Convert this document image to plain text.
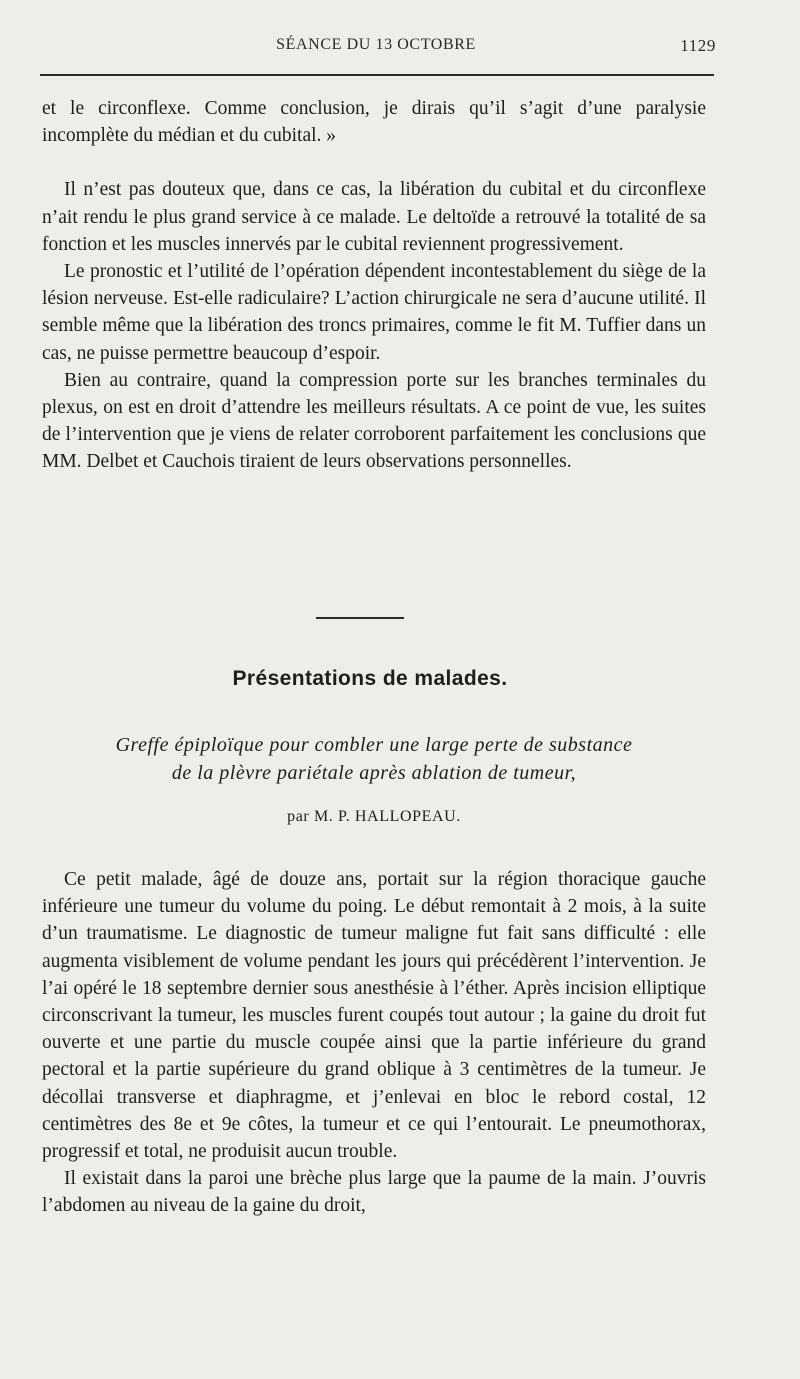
SÉANCE DU 13 OCTOBRE	1129

et le circonflexe. Comme conclusion, je dirais qu’il s’agit d’une paralysie incomplète du médian et du cubital. »

Il n’est pas douteux que, dans ce cas, la libération du cubital et du circonflexe n’ait rendu le plus grand service à ce malade. Le deltoïde a retrouvé la totalité de sa fonction et les muscles innervés par le cubital reviennent progressivement.

Le pronostic et l’utilité de l’opération dépendent incontestablement du siège de la lésion nerveuse. Est-elle radiculaire? L’action chirurgicale ne sera d’aucune utilité. Il semble même que la libération des troncs primaires, comme le fit M. Tuffier dans un cas, ne puisse permettre beaucoup d’espoir.

Bien au contraire, quand la compression porte sur les branches terminales du plexus, on est en droit d’attendre les meilleurs résultats. A ce point de vue, les suites de l’intervention que je viens de relater corroborent parfaitement les conclusions que MM. Delbet et Cauchois tiraient de leurs observations personnelles.

Présentations de malades.
Greffe épiploïque pour combler une large perte de substance
de la plèvre pariétale après ablation de tumeur,
par M. P. HALLOPEAU.

Ce petit malade, âgé de douze ans, portait sur la région thoracique gauche inférieure une tumeur du volume du poing. Le début remontait à 2 mois, à la suite d’un traumatisme. Le diagnostic de tumeur maligne fut fait sans difficulté : elle augmenta visiblement de volume pendant les jours qui précédèrent l’intervention. Je l’ai opéré le 18 septembre dernier sous anesthésie à l’éther. Après incision elliptique circonscrivant la tumeur, les muscles furent coupés tout autour ; la gaine du droit fut ouverte et une partie du muscle coupée ainsi que la partie inférieure du grand pectoral et la partie supérieure du grand oblique à 3 centimètres de la tumeur. Je décollai transverse et diaphragme, et j’enlevai en bloc le rebord costal, 12 centimètres des 8e et 9e côtes, la tumeur et ce qui l’entourait. Le pneumothorax, progressif et total, ne produisit aucun trouble.

Il existait dans la paroi une brèche plus large que la paume de la main. J’ouvris l’abdomen au niveau de la gaine du droit,
